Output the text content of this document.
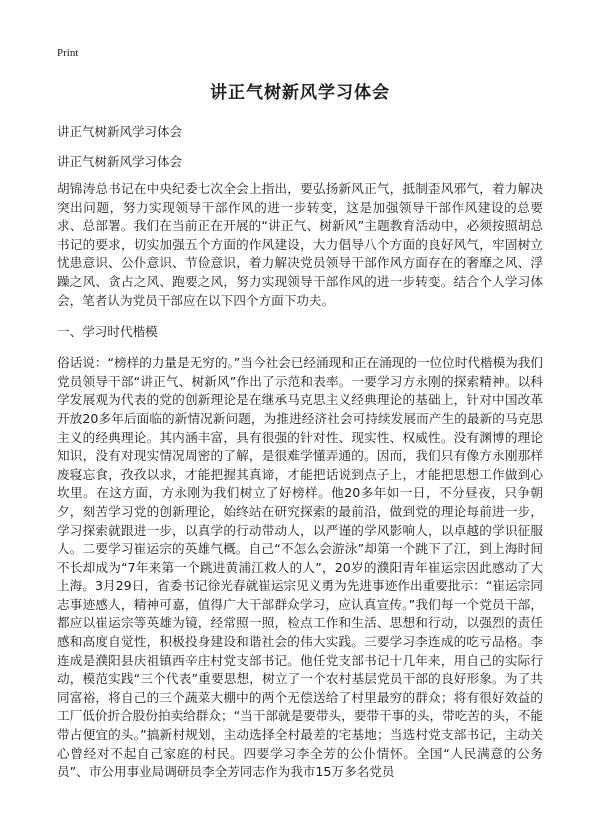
Print
讲正气树新风学习体会

讲正气树新风学习体会

讲正气树新风学习体会

胡锦涛总书记在中央纪委七次全会上指出，要弘扬新风正气，抵制歪风邪气，着力解决突出问题，努力实现领导干部作风的进一步转变，这是加强领导干部作风建设的总要求、总部署。我们在当前正在开展的“讲正气、树新风”主题教育活动中，必须按照胡总书记的要求，切实加强五个方面的作风建设，大力倡导八个方面的良好风气，牢固树立忧患意识、公仆意识、节俭意识，着力解决党员领导干部作风方面存在的奢靡之风、浮躁之风、贪占之风、跑要之风，努力实现领导干部作风的进一步转变。结合个人学习体会，笔者认为党员干部应在以下四个方面下功夫。

一、学习时代楷模

俗话说：“榜样的力量是无穷的。”当今社会已经涌现和正在涌现的一位位时代楷模为我们党员领导干部“讲正气、树新风”作出了示范和表率。一要学习方永刚的探索精神。以科学发展观为代表的党的创新理论是在继承马克思主义经典理论的基础上，针对中国改革开放20多年后面临的新情况新问题，为推进经济社会可持续发展而产生的最新的马克思主义的经典理论。其内涵丰富，具有很强的针对性、现实性、权威性。没有渊博的理论知识，没有对现实情况周密的了解，是很难学懂弄通的。因而，我们只有像方永刚那样废寝忘食，孜孜以求，才能把握其真谛，才能把话说到点子上，才能把思想工作做到心坎里。在这方面，方永刚为我们树立了好榜样。他20多年如一日，不分昼夜，只争朝夕，刻苦学习党的创新理论，始终站在研究探索的最前沿，做到党的理论每前进一步，学习探索就跟进一步，以真学的行动带动人，以严谨的学风影响人，以卓越的学识征服人。二要学习崔运宗的英雄气概。自己“不怎么会游泳”却第一个跳下了江，到上海时间不长却成为“7年来第一个跳进黄浦江救人的人”，20岁的濮阳青年崔运宗因此感动了大上海。3月29日，省委书记徐光春就崔运宗见义勇为先进事迹作出重要批示：“崔运宗同志事迹感人，精神可嘉，值得广大干部群众学习，应认真宣传。”我们每一个党员干部，都应以崔运宗等英雄为镜，经常照一照，检点工作和生活、思想和行动，以强烈的责任感和高度自觉性，积极投身建设和谐社会的伟大实践。三要学习李连成的吃亏品格。李连成是濮阳县庆祖镇西辛庄村党支部书记。他任党支部书记十几年来，用自己的实际行动，模范实践“三个代表”重要思想，树立了一个农村基层党员干部的良好形象。为了共同富裕，将自己的三个蔬菜大棚中的两个无偿送给了村里最穷的群众；将有很好效益的工厂低价折合股份拍卖给群众；“当干部就是要带头，要带干事的头，带吃苦的头，不能带占便宜的头。”搞新村规划，主动选择全村最差的宅基地；当选村党支部书记，主动关心曾经对不起自己家庭的村民。四要学习李全芳的公仆情怀。全国“人民满意的公务员”、市公用事业局调研员李全芳同志作为我市15万多名党员
